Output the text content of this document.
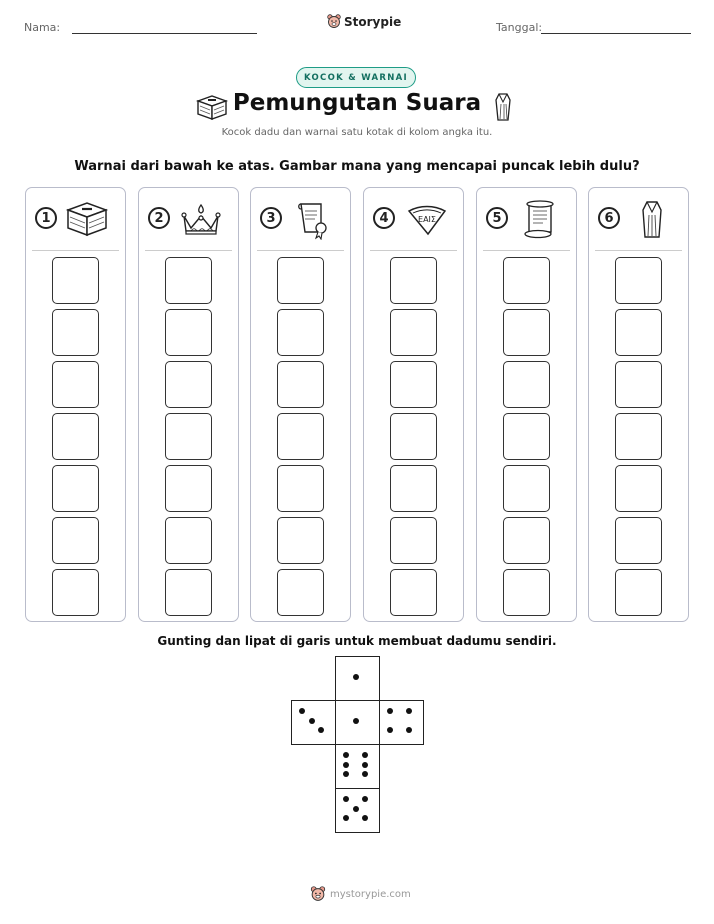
Nama:	Storypie	Tanggal:
KOCOK & WARNAI
Pemungutan Suara
Kocok dadu dan warnai satu kotak di kolom angka itu.
Warnai dari bawah ke atas. Gambar mana yang mencapai puncak lebih dulu?
1	2	3	4	EAIΣ	5	6
Gunting dan lipat di garis untuk membuat dadumu sendiri.
mystorypie.com
